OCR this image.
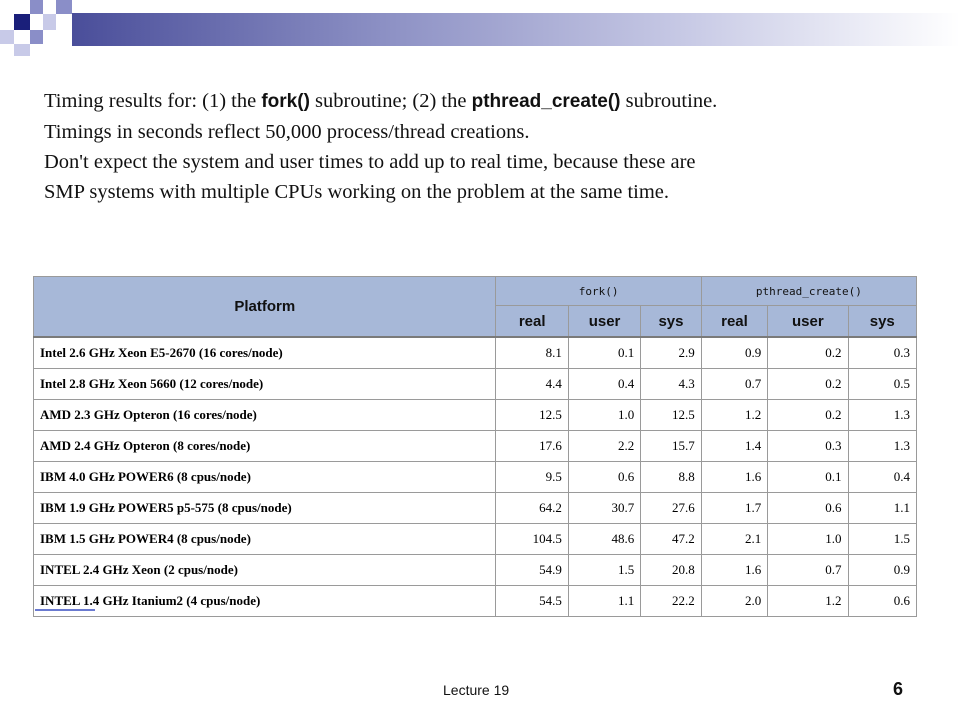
Timing results for: (1) the fork() subroutine; (2) the pthread_create() subroutine.

Timings in seconds reflect 50,000 process/thread creations.

Don't expect the system and user times to add up to real time, because these are

SMP systems with multiple CPUs working on the problem at the same time.

Platform	fork()			pthread_create()		
	real	user	sys	real	user	sys
Intel 2.6 GHz Xeon E5-2670 (16 cores/node)	8.1	0.1	2.9	0.9	0.2	0.3
Intel 2.8 GHz Xeon 5660 (12 cores/node)	4.4	0.4	4.3	0.7	0.2	0.5
AMD 2.3 GHz Opteron (16 cores/node)	12.5	1.0	12.5	1.2	0.2	1.3
AMD 2.4 GHz Opteron (8 cores/node)	17.6	2.2	15.7	1.4	0.3	1.3
IBM 4.0 GHz POWER6 (8 cpus/node)	9.5	0.6	8.8	1.6	0.1	0.4
IBM 1.9 GHz POWER5 p5-575 (8 cpus/node)	64.2	30.7	27.6	1.7	0.6	1.1
IBM 1.5 GHz POWER4 (8 cpus/node)	104.5	48.6	47.2	2.1	1.0	1.5
INTEL 2.4 GHz Xeon (2 cpus/node)	54.9	1.5	20.8	1.6	0.7	0.9
INTEL 1.4 GHz Itanium2 (4 cpus/node)	54.5	1.1	22.2	2.0	1.2	0.6
Lecture 19	6
